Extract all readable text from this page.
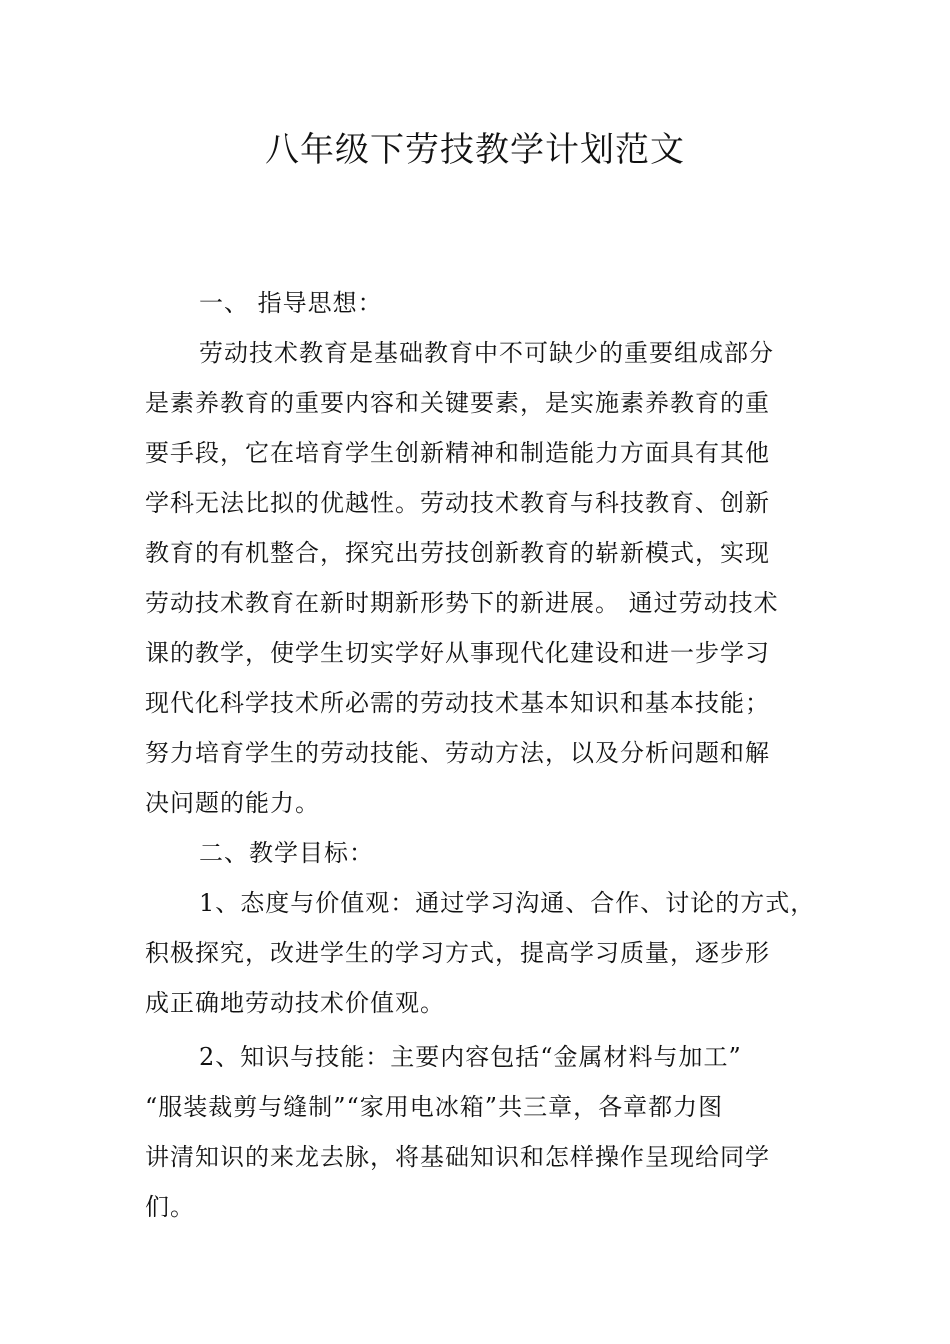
八年级下劳技教学计划范文

一、 指导思想：

劳动技术教育是基础教育中不可缺少的重要组成部分
是素养教育的重要内容和关键要素，是实施素养教育的重
要手段，它在培育学生创新精神和制造能力方面具有其他
学科无法比拟的优越性。劳动技术教育与科技教育、创新
教育的有机整合，探究出劳技创新教育的崭新模式，实现
劳动技术教育在新时期新形势下的新进展。 通过劳动技术
课的教学，使学生切实学好从事现代化建设和进一步学习
现代化科学技术所必需的劳动技术基本知识和基本技能；
努力培育学生的劳动技能、劳动方法，以及分析问题和解
决问题的能力。

二、教学目标：

1、态度与价值观：通过学习沟通、合作、讨论的方式，
积极探究，改进学生的学习方式，提高学习质量，逐步形
成正确地劳动技术价值观。

2、知识与技能：主要内容包括“金属材料与加工”
“服装裁剪与缝制”“家用电冰箱”共三章，各章都力图
讲清知识的来龙去脉，将基础知识和怎样操作呈现给同学
们。
